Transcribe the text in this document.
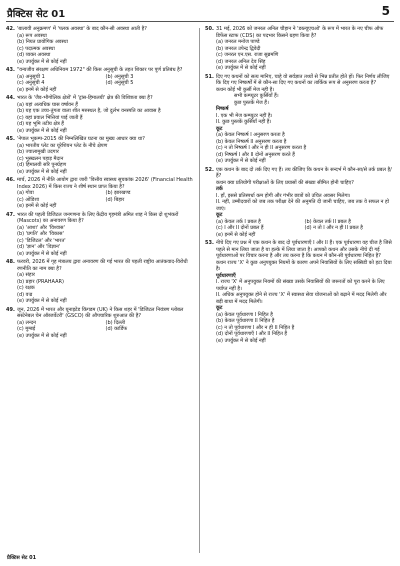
प्रैक्टिस सेट 01	5
42. 'बालावी अनुक्रमण' में 'पलक अवस्था' के बाद कौन-सी अवस्था आती है?
(a) रूप अवस्था
(b) नियत प्रायोगिक अवस्था
(c) पदात्मक अवस्था
(d) व्यक्त अवस्था
(e) उपर्युक्त में से कोई नहीं
43. "वन्यजीव संरक्षण अधिनियम 1972" की किस अनुसूची के तहत शिकार पर पूर्ण प्रतिबंध है?
(a) अनुसूची 1	(b) अनुसूची 3
(c) अनुसूची 4	(d) अनुसूची 5
(e) इनमें से कोई नहीं
44. भारत के 'जैव-भौगोलिक क्षेत्रों' में 'ट्रांस-हिमालयी' क्षेत्र की विशिष्टता क्या है?
(a) यहां अत्यधिक घास वर्षावन हैं
(b) यह एक उच्च-तुंगता वाला शीत मरुस्थल है, जो दुर्लभ वनस्पति का आवास है
(c) यहां प्रवाल भित्तियां पाई जाती हैं
(d) यह भूमि तटीय क्षेत्र हैं
(e) उपर्युक्त में से कोई नहीं
45. 'नेपाल भूकम्प-2015 की निम्नलिखित घटना का मुख्य आधार क्या था?
(a) भारतीय प्लेट का यूरेशियन प्लेट के नीचे क्षेपण
(b) ज्वालामुखी उदगार
(c) भूस्खलन पहाड़ मैदान
(d) हिमालयी सरि पुनर्ग्रहण
(e) उपर्युक्त में से कोई नहीं
46. मार्च, 2026 में नीति आयोग द्वारा जारी 'वित्तीय स्वास्थ्य सूचकांक 2026' (Financial Health Index 2026) में किस राज्य ने शीर्ष स्थान प्राप्त किया है?
(a) गोवा	(b) झारखण्ड
(c) ओडिशा	(d) बिहार
(e) इनमें से कोई नहीं
47. भारत की पहली डिजिटल जनगणना के लिए केंद्रीय गृहमंत्री अमित शाह ने किस दो शुभंकरों (Mascots) का अनावरण किया है?
(a) 'आशा' और 'विश्वास'
(b) 'प्रगति' और 'विकास'
(c) 'डिजिटल' और 'भारत'
(d) 'ज्ञान' और 'विज्ञान'
(e) उपर्युक्त में से कोई नहीं
48. फरवरी, 2026 में गृह मंत्रालय द्वारा अनावरण की गई भारत की पहली राष्ट्रीय आतंकवाद-विरोधी रणनीति का नाम क्या है?
(a) संहार
(b) प्रहार (PRAHAAR)
(c) रक्षक
(d) वज्र
(e) उपर्युक्त में से कोई नहीं
49. जून, 2026 में भारत और यूनाइटेड किंगडम (UK) ने किस शहर में 'डिजिटल नियंत्रण ग्लोबल सस्टेनेबल चेन ऑब्जर्वेटरी' (GSCO) की औपचारिक शुरुआत की है?
(a) लन्दन	(b) दिल्ली
(c) मुम्बई	(d) कार्डिफ
(e) उपर्युक्त में से कोई नहीं
50. 31 मई, 2026 को जनरल अनिल चौहान ने 'डब्ल्यूएचओ' के रूप में भारत के नए चीफ ऑफ डिफेंस स्टाफ (CDS) का पदभार किसने ग्रहण किया है?
(a) जनरल मनोज पाण्डे
(b) जनरल उपेन्द्र द्विवेदी
(c) जनरल एन.एस. राजा सुब्रमणि
(d) जनरल अनिल देव सिंह
(e) उपर्युक्त में से कोई नहीं
51. दिए गए कथनों को सत्य मानिए, चाहे वो सर्वज्ञात तथ्यों से भिन्न प्रतीत होते हों। फिर निर्णय लीजिए कि दिए गए निष्कर्षों में से कौन-सा दिए गए कथनों का तार्किक रूप से अनुसरण करता है?
कथन कोई भी कुर्सी मेज नहीं है।
सभी कम्प्यूटर कुर्सियाँ हैं।
कुछ पुस्तकें मेज हैं।
निष्कर्ष
I. एक भी मेज कम्प्यूटर नहीं है।
II. कुछ पुस्तकें कुर्सियाँ नहीं हैं।
कूट
(a) केवल निष्कर्ष I अनुसरण करता है
(b) केवल निष्कर्ष II अनुसरण करता है
(c) न तो निष्कर्ष I और न ही II अनुसरण करता है
(d) निष्कर्ष I और II दोनों अनुसरण करते हैं
(e) उपर्युक्त में से कोई नहीं
52. एक कथन के बाद दो तर्क दिए गए हैं। तय कीजिए कि कथन के सन्दर्भ में कौन-सा/से तर्क प्रबल है/हैं?
कथन क्या प्रतियोगी परीक्षाओं के लिए प्रयासों की संख्या सीमित होनी चाहिए?
तर्क
I. हाँ, इससे प्रतिस्पर्धा कम होगी और गंभीर छात्रों को उचित अवसर मिलेगा।
II. नहीं, उम्मीदवारों को जब तक परीक्षा देने की अनुमति दी जानी चाहिए, जब तक वे सफल न हो जाएं।
कूट
(a) केवल तर्क I प्रबल है	(b) केवल तर्क II प्रबल है
(c) I और II दोनों प्रबल हैं	(d) न तो I और न ही II प्रबल है
(e) इनमें से कोई नहीं
53. नीचे दिए गए प्रश्न में एक कथन के बाद दो पूर्वधारणाएँ I और II हैं। एक पूर्वधारणा वह चीज है जिसे पहले से मान लिया जाता है या हल्के में लिया जाता है। आपको कथन और उसके नीचे दी गई पूर्वधारणाओं पर विचार करना है और तय करना है कि कथन में कौन-सी पूर्वधारणा निहित है?
कथन राज्य 'X' ने कुछ अनुपयुक्त नियमों के कारण अपने निवासियों के लिए सब्सिडी को हटा दिया है।
पूर्वधारणाएँ
I. राज्य 'X' में अनुपयुक्त नियमों की संख्या उसके निवासियों की जरूरतों को पूरा करने के लिए पर्याप्त नहीं है।
II. अधिक अनुपयुक्त होने से राज्य 'X' में स्वास्थ्य सेवा योजनाओं को बढ़ाने में मदद मिलेगी और बड़ी बाधा में मदद मिलेगी।
कूट
(a) केवल पूर्वधारणा I निहित है
(b) केवल पूर्वधारणा II निहित है
(c) न तो पूर्वधारणा I और न ही II निहित है
(d) दोनों पूर्वधारणाएँ I और II निहित हैं
(e) उपर्युक्त में से कोई नहीं
प्रैक्टिस सेट 01
